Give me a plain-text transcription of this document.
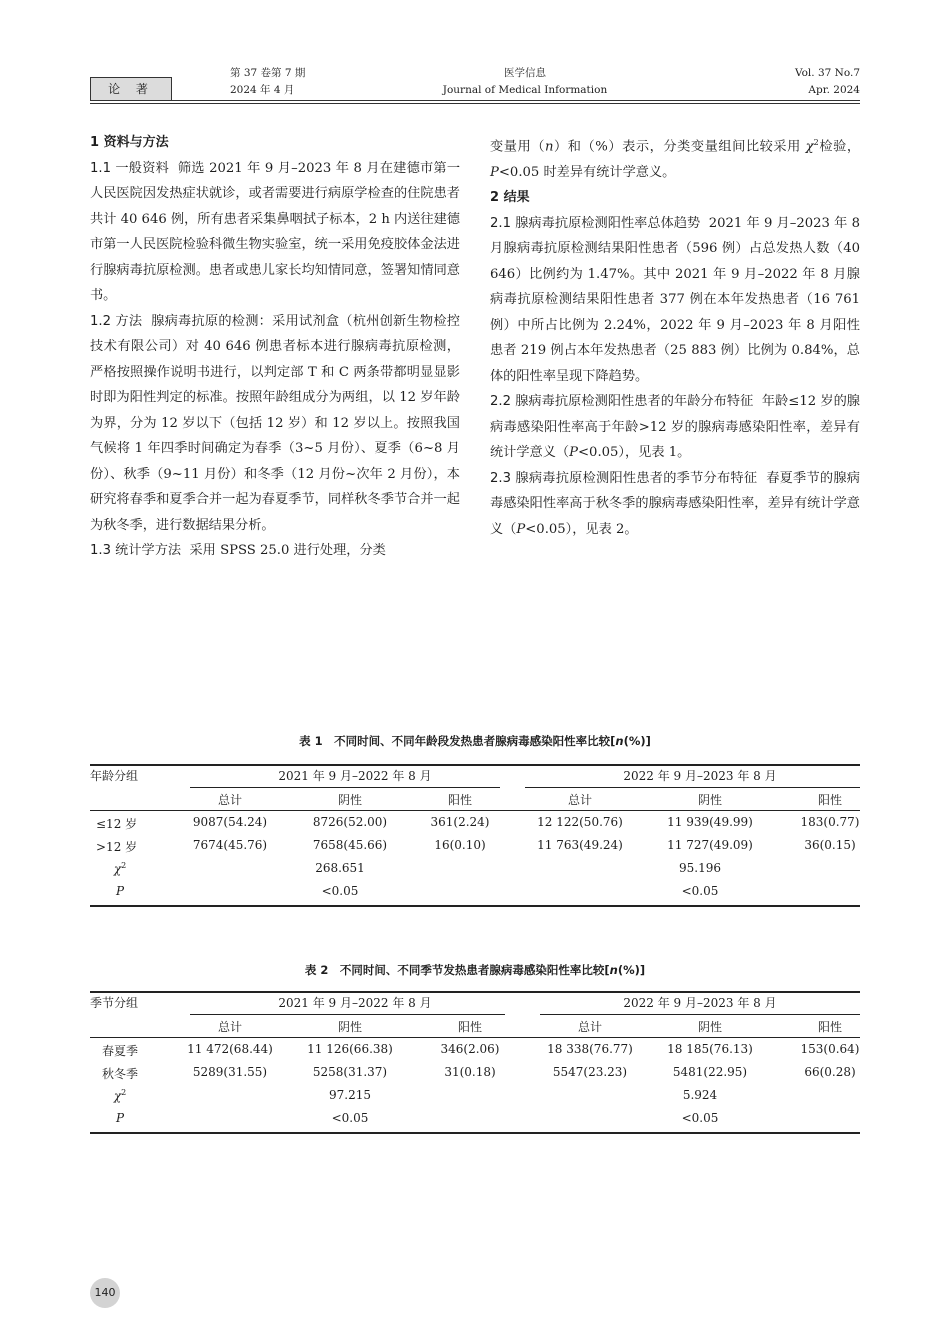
论 著
第 37 卷第 7 期
2024 年 4 月
医学信息
Journal of Medical Information
Vol. 37 No.7
Apr. 2024

1 资料与方法

1.1 一般资料 筛选 2021 年 9 月–2023 年 8 月在建德市第一人民医院因发热症状就诊，或者需要进行病原学检查的住院患者共计 40 646 例，所有患者采集鼻咽拭子标本，2 h 内送往建德市第一人民医院检验科微生物实验室，统一采用免疫胶体金法进行腺病毒抗原检测。患者或患儿家长均知情同意，签署知情同意书。

1.2 方法 腺病毒抗原的检测：采用试剂盒（杭州创新生物检控技术有限公司）对 40 646 例患者标本进行腺病毒抗原检测，严格按照操作说明书进行，以判定部 T 和 C 两条带都明显显影时即为阳性判定的标准。按照年龄组成分为两组，以 12 岁年龄为界，分为 12 岁以下（包括 12 岁）和 12 岁以上。按照我国气候将 1 年四季时间确定为春季（3~5 月份）、夏季（6~8 月份）、秋季（9~11 月份）和冬季（12 月份~次年 2 月份），本研究将春季和夏季合并一起为春夏季节，同样秋冬季节合并一起为秋冬季，进行数据结果分析。

1.3 统计学方法 采用 SPSS 25.0 进行处理，分类

变量用（n）和（%）表示，分类变量组间比较采用 $\chi^2$检验，P<0.05 时差异有统计学意义。

2 结果

2.1 腺病毒抗原检测阳性率总体趋势 2021 年 9 月–2023 年 8 月腺病毒抗原检测结果阳性患者（596 例）占总发热人数（40 646）比例约为 1.47%。其中 2021 年 9 月–2022 年 8 月腺病毒抗原检测结果阳性患者 377 例在本年发热患者（16 761 例）中所占比例为 2.24%，2022 年 9 月–2023 年 8 月阳性患者 219 例占本年发热患者（25 883 例）比例为 0.84%，总体的阳性率呈现下降趋势。

2.2 腺病毒抗原检测阳性患者的年龄分布特征 年龄≤12 岁的腺病毒感染阳性率高于年龄>12 岁的腺病毒感染阳性率，差异有统计学意义（P<0.05），见表 1。

2.3 腺病毒抗原检测阳性患者的季节分布特征 春夏季节的腺病毒感染阳性率高于秋冬季的腺病毒感染阳性率，差异有统计学意义（P<0.05），见表 2。

表 1　不同时间、不同年龄段发热患者腺病毒感染阳性率比较[n(%)]
年龄分组	2021 年 9 月–2022 年 8 月	2022 年 9 月–2023 年 8 月
总计	阴性	阳性	总计	阴性	阳性
≤12 岁	9087(54.24)	8726(52.00)	361(2.24)	12 122(50.76)	11 939(49.99)	183(0.77)
>12 岁	7674(45.76)	7658(45.66)	16(0.10)	11 763(49.24)	11 727(49.09)	36(0.15)
$\chi^2$	268.651	95.196
P	<0.05	<0.05
表 2　不同时间、不同季节发热患者腺病毒感染阳性率比较[n(%)]
季节分组	2021 年 9 月–2022 年 8 月	2022 年 9 月–2023 年 8 月
总计	阴性	阳性	总计	阴性	阳性
春夏季	11 472(68.44)	11 126(66.38)	346(2.06)	18 338(76.77)	18 185(76.13)	153(0.64)
秋冬季	5289(31.55)	5258(31.37)	31(0.18)	5547(23.23)	5481(22.95)	66(0.28)
$\chi^2$	97.215	5.924
P	<0.05	<0.05
140
